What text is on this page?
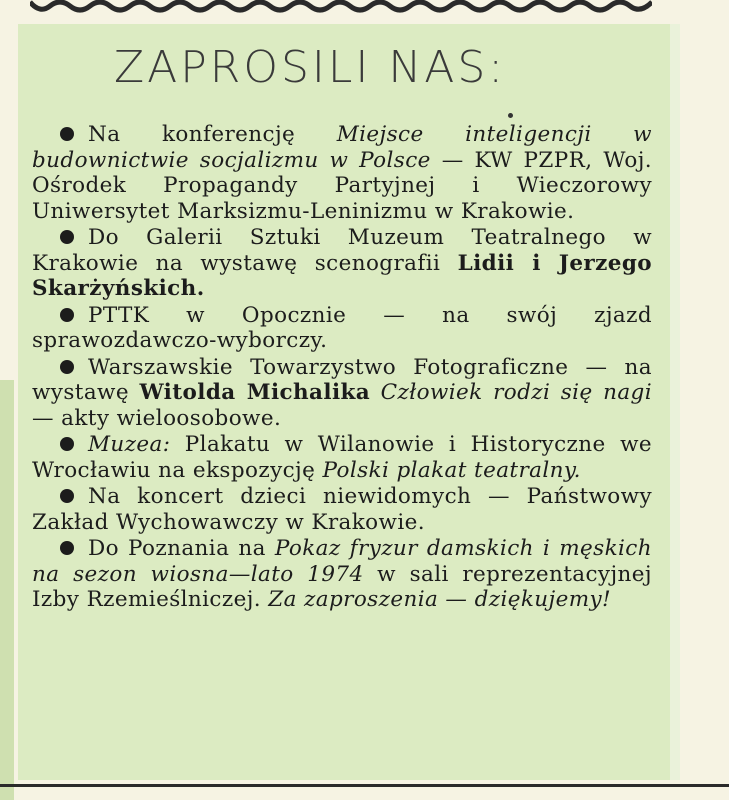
ZAPROSILI NAS:

Na konferencję Miejsce inteligencji w budownictwie socjalizmu w Polsce — KW PZPR, Woj. Ośrodek Propagandy Partyjnej i Wieczorowy Uniwersytet Marksizmu-Leninizmu w Krakowie.

Do Galerii Sztuki Muzeum Teatralnego w Krakowie na wystawę scenografii Lidii i Jerzego Skarżyńskich.

PTTK w Opocznie — na swój zjazd sprawozdawczo-wyborczy.

Warszawskie Towarzystwo Fotograficzne — na wystawę Witolda Michalika Człowiek rodzi się nagi — akty wieloosobowe.

Muzea: Plakatu w Wilanowie i Historyczne we Wrocławiu na ekspozycję Polski plakat teatralny.

Na koncert dzieci niewidomych — Państwowy Zakład Wychowawczy w Krakowie.

Do Poznania na Pokaz fryzur damskich i męskich na sezon wiosna—lato 1974 w sali reprezentacyjnej Izby Rzemieślniczej. Za zaproszenia — dziękujemy!
